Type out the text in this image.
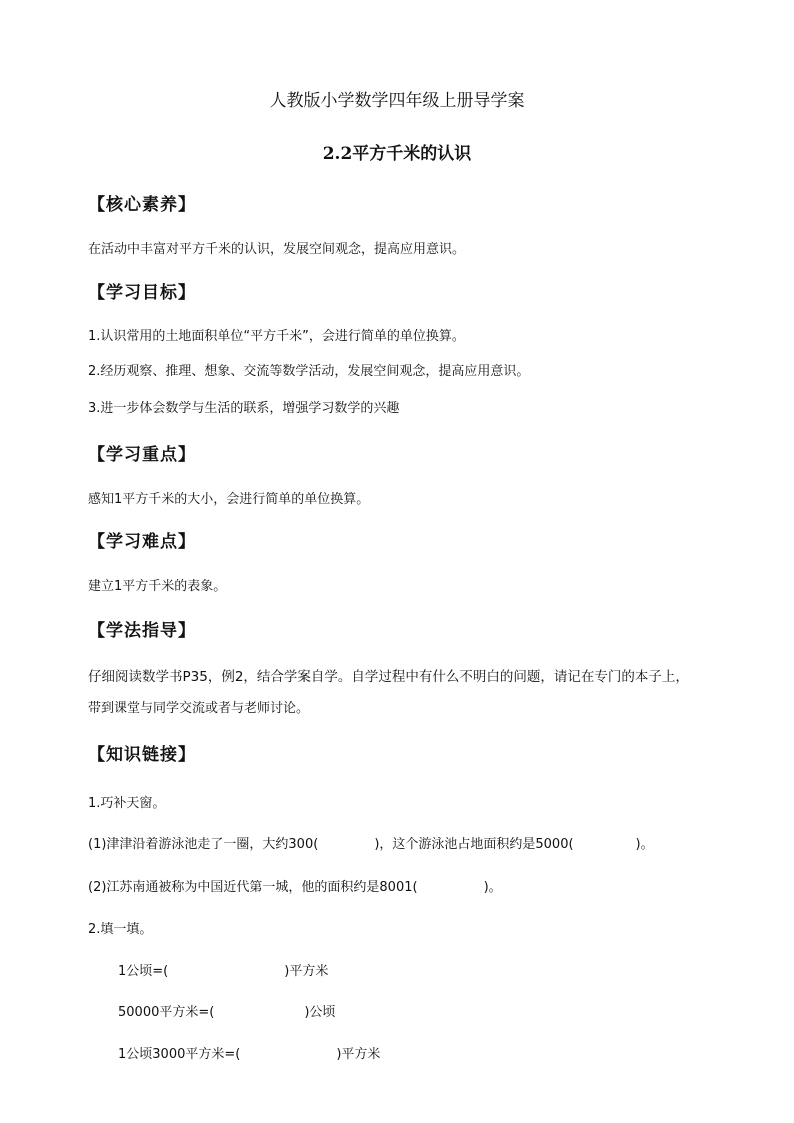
人教版小学数学四年级上册导学案
2.2平方千米的认识
【核心素养】
在活动中丰富对平方千米的认识，发展空间观念，提高应用意识。
【学习目标】
1.认识常用的土地面积单位“平方千米”，会进行简单的单位换算。
2.经历观察、推理、想象、交流等数学活动，发展空间观念，提高应用意识。
3.进一步体会数学与生活的联系，增强学习数学的兴趣
【学习重点】
感知1平方千米的大小，会进行简单的单位换算。
【学习难点】
建立1平方千米的表象。
【学法指导】
仔细阅读数学书P35，例2，结合学案自学。自学过程中有什么不明白的问题，请记在专门的本子上，
带到课堂与同学交流或者与老师讨论。
【知识链接】
1.巧补天窗。
(1)津津沿着游泳池走了一圈，大约300(	)，这个游泳池占地面积约是5000(	)。
(2)江苏南通被称为中国近代第一城，他的面积约是8001(	)。
2.填一填。
1公顷=(	)平方米
50000平方米=(	)公顷
1公顷3000平方米=(	)平方米
